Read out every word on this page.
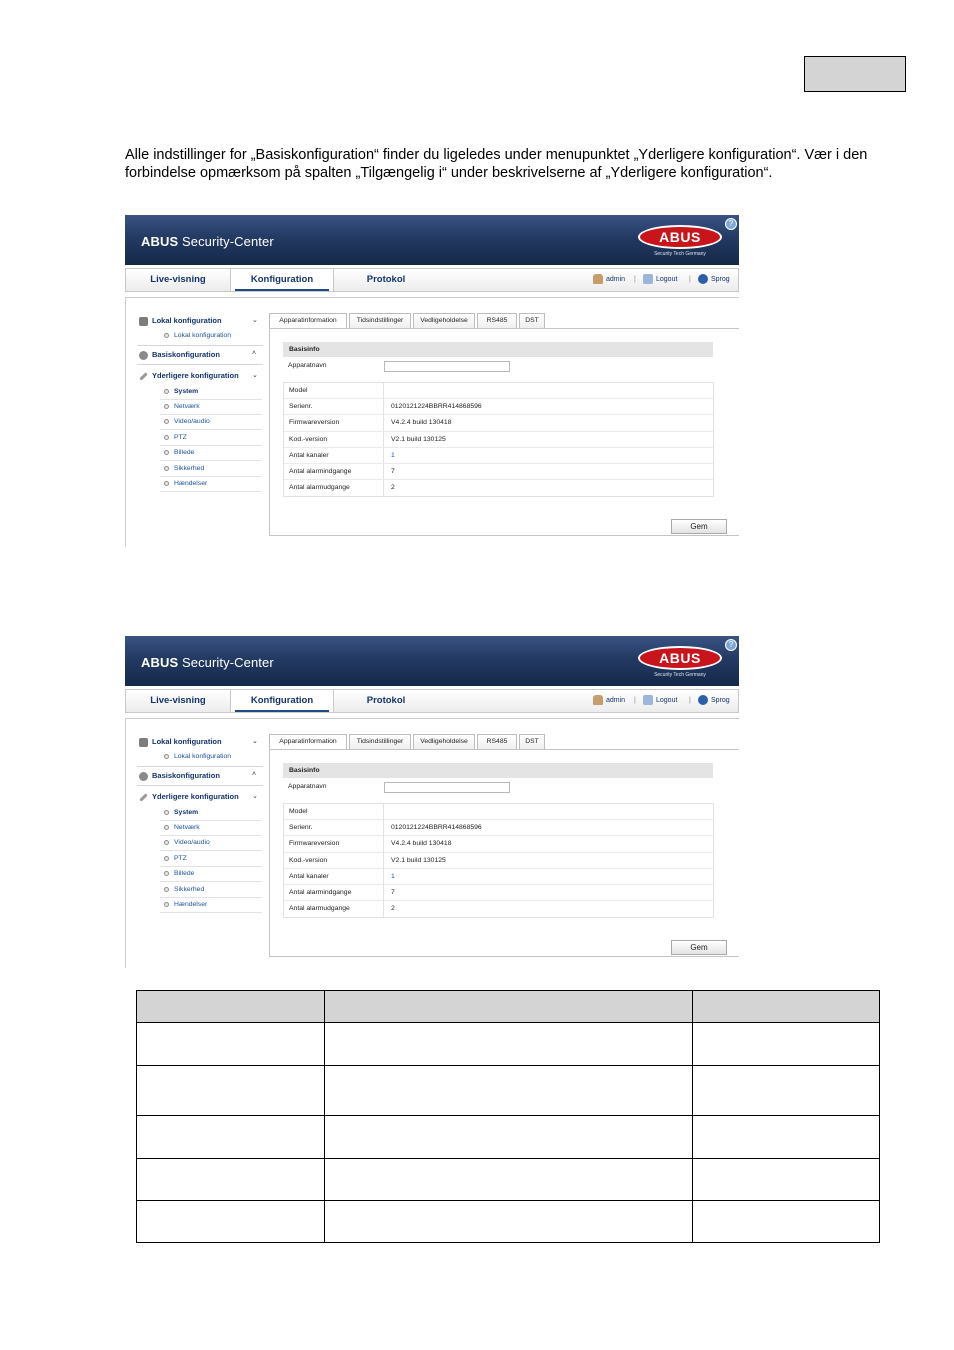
Alle indstillinger for „Basiskonfiguration“ finder du ligeledes under menupunktet „Yderligere konfiguration“. Vær i den forbindelse opmærksom på spalten „Tilgængelig i“ under beskrivelserne af „Yderligere konfiguration“.

ABUS Security-Center	ABUS
Security Tech Germany
?
Live-visning	Konfiguration	Protokol	admin |	Logout |	Sprog
Lokal konfiguration	⌄
Lokal konfiguration
Basiskonfiguration	˄
Yderligere konfiguration ⌄
System
Netværk
Video/audio
PTZ
Billede
Sikkerhed
Hændelser
Apparatinformation	Tidsindstillinger	Vedligeholdelse	RS485	DST
Basisinfo
Apparatnavn
Model
Serienr.	0120121224BBRR414868596
Firmwareversion	V4.2.4 build 130418
Kod.-version	V2.1 build 130125
Antal kanaler	1
Antal alarmindgange	7
Antal alarmudgange	2
Gem
ABUS Security-Center	ABUS
Security Tech Germany
?
Live-visning	Konfiguration	Protokol	admin |	Logout |	Sprog
Lokal konfiguration	⌄
Lokal konfiguration
Basiskonfiguration	˄
Yderligere konfiguration ⌄
System
Netværk
Video/audio
PTZ
Billede
Sikkerhed
Hændelser
Apparatinformation	Tidsindstillinger	Vedligeholdelse	RS485	DST
Basisinfo
Apparatnavn
Model
Serienr.	0120121224BBRR414868596
Firmwareversion	V4.2.4 build 130418
Kod.-version	V2.1 build 130125
Antal kanaler	1
Antal alarmindgange	7
Antal alarmudgange	2
Gem
